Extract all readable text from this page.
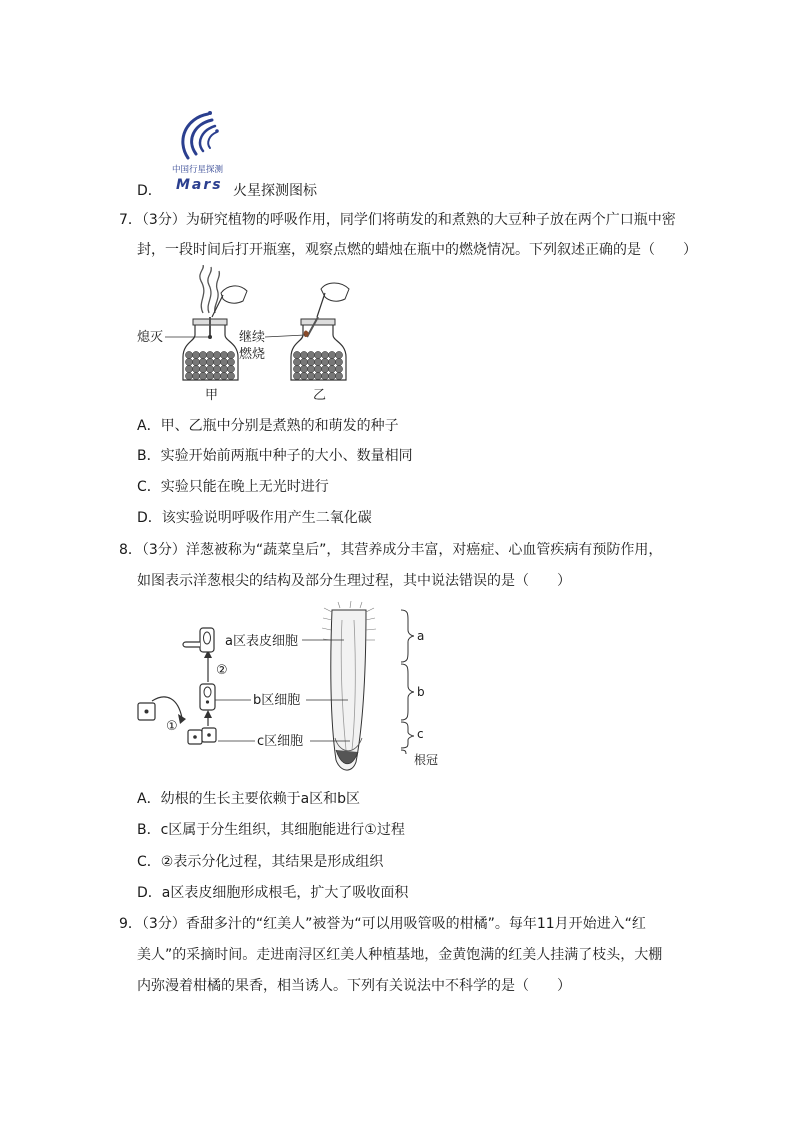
中国行星探测
Mars
D．	火星探测图标
7．（3分）为研究植物的呼吸作用，同学们将萌发的和煮熟的大豆种子放在两个广口瓶中密
封，一段时间后打开瓶塞，观察点燃的蜡烛在瓶中的燃烧情况。下列叙述正确的是（　　）
熄灭
甲
继续
燃烧
乙
A．甲、乙瓶中分别是煮熟的和萌发的种子
B．实验开始前两瓶中种子的大小、数量相同
C．实验只能在晚上无光时进行
D．该实验说明呼吸作用产生二氧化碳
8．（3分）洋葱被称为“蔬菜皇后”，其营养成分丰富，对癌症、心血管疾病有预防作用，
如图表示洋葱根尖的结构及部分生理过程，其中说法错误的是（　　）
a
b
c
根冠
①
②
a区表皮细胞
b区细胞
c区细胞
A．幼根的生长主要依赖于a区和b区
B．c区属于分生组织，其细胞能进行①过程
C．②表示分化过程，其结果是形成组织
D．a区表皮细胞形成根毛，扩大了吸收面积
9．（3分）香甜多汁的“红美人”被誉为“可以用吸管吸的柑橘”。每年11月开始进入“红
美人”的采摘时间。走进南浔区红美人种植基地，金黄饱满的红美人挂满了枝头，大棚
内弥漫着柑橘的果香，相当诱人。下列有关说法中不科学的是（　　）
